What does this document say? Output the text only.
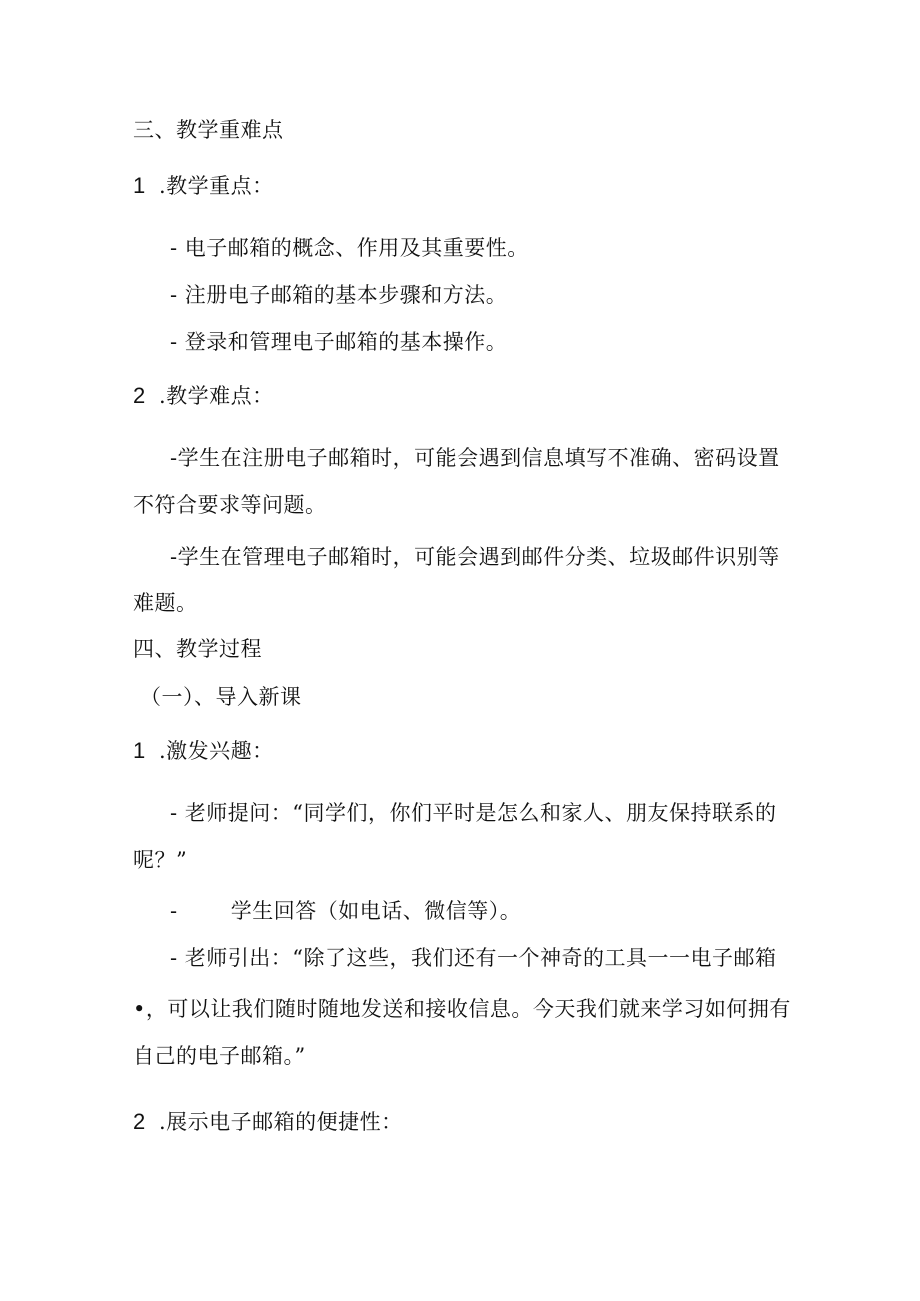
三、教学重难点
1 .教学重点：
- 电子邮箱的概念、作用及其重要性。
- 注册电子邮箱的基本步骤和方法。
- 登录和管理电子邮箱的基本操作。
2 .教学难点：
-学生在注册电子邮箱时，可能会遇到信息填写不准确、密码设置
不符合要求等问题。
-学生在管理电子邮箱时，可能会遇到邮件分类、垃圾邮件识别等
难题。
四、教学过程
（一）、导入新课
1 .激发兴趣：
- 老师提问：“同学们，你们平时是怎么和家人、朋友保持联系的
呢？”
-	学生回答（如电话、微信等）。
- 老师引出：“除了这些，我们还有一个神奇的工具一一电子邮箱
•，可以让我们随时随地发送和接收信息。今天我们就来学习如何拥有
自己的电子邮箱。”
2 .展示电子邮箱的便捷性：
